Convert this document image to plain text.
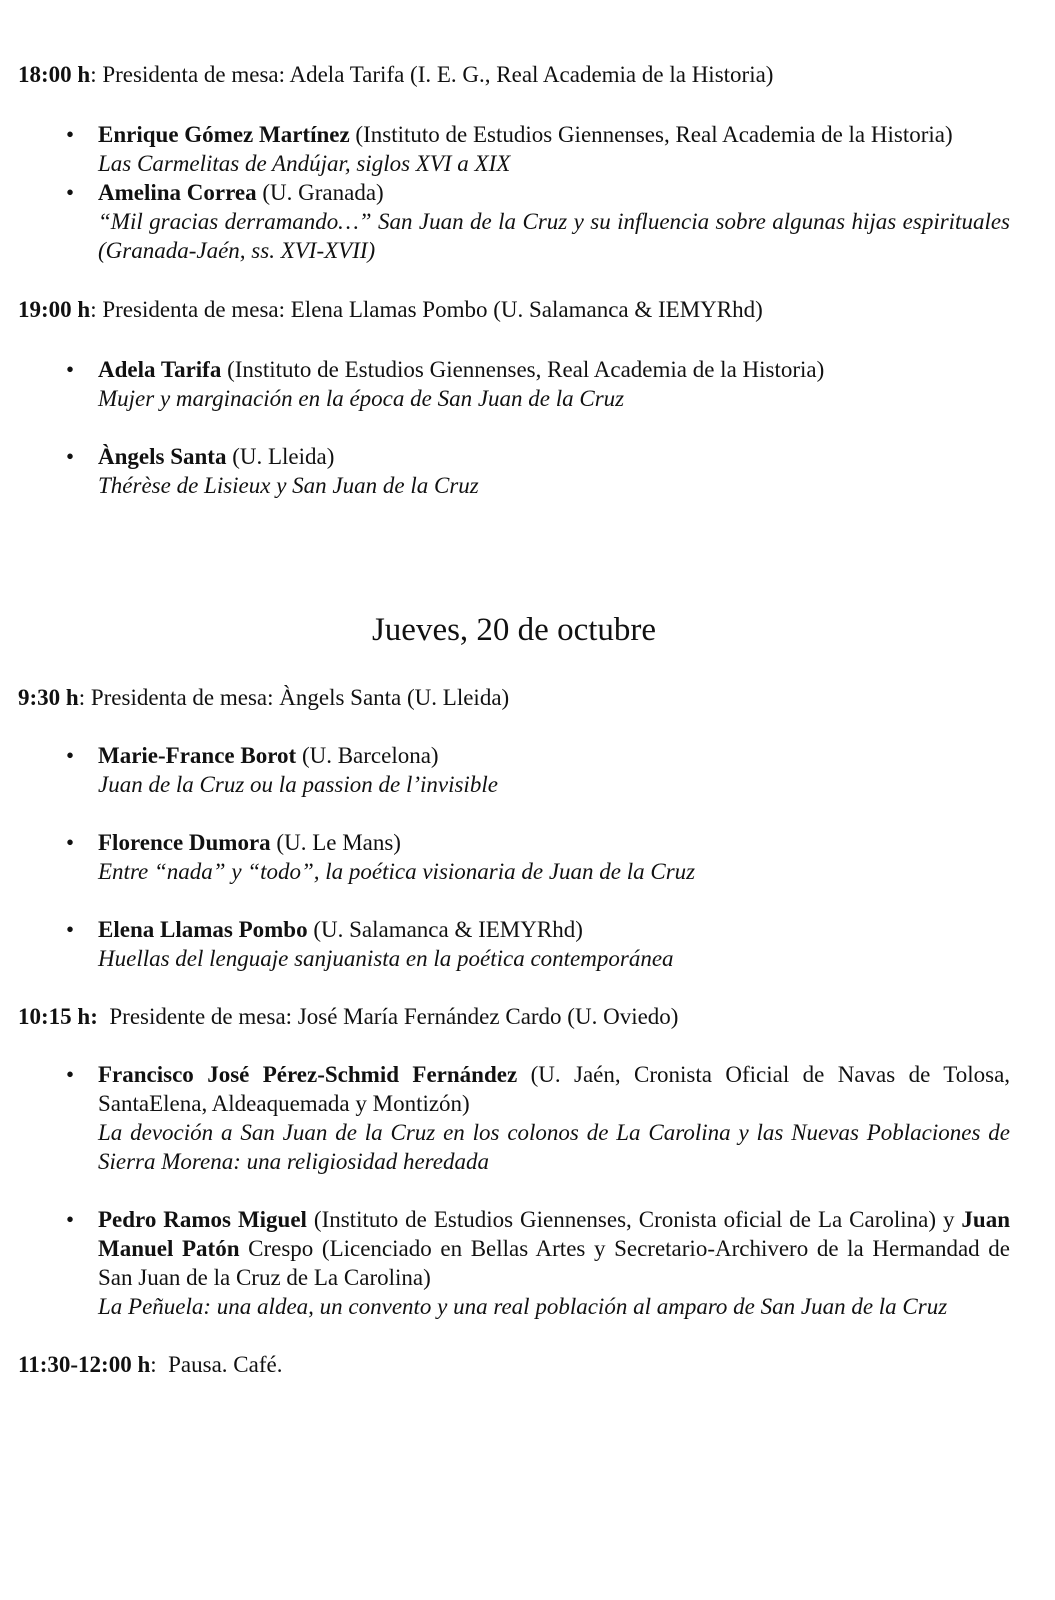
18:00 h: Presidenta de mesa: Adela Tarifa (I. E. G., Real Academia de la Historia)

• Enrique Gómez Martínez (Instituto de Estudios Giennenses, Real Academia de la Historia)
Las Carmelitas de Andújar, siglos XVI a XIX
• Amelina Correa (U. Granada)
“Mil gracias derramando…” San Juan de la Cruz y su influencia sobre algunas hijas espirituales (Granada-Jaén, ss. XVI-XVII)

19:00 h: Presidenta de mesa: Elena Llamas Pombo (U. Salamanca & IEMYRhd)

• Adela Tarifa (Instituto de Estudios Giennenses, Real Academia de la Historia)
Mujer y marginación en la época de San Juan de la Cruz
• Àngels Santa (U. Lleida)
Thérèse de Lisieux y San Juan de la Cruz
Jueves, 20 de octubre

9:30 h: Presidenta de mesa: Àngels Santa (U. Lleida)

• Marie-France Borot (U. Barcelona)
Juan de la Cruz ou la passion de l’invisible
• Florence Dumora (U. Le Mans)
Entre “nada” y “todo”, la poética visionaria de Juan de la Cruz
• Elena Llamas Pombo (U. Salamanca & IEMYRhd)
Huellas del lenguaje sanjuanista en la poética contemporánea

10:15 h: Presidente de mesa: José María Fernández Cardo (U. Oviedo)

• Francisco José Pérez-Schmid Fernández (U. Jaén, Cronista Oficial de Navas de Tolosa, SantaElena, Aldeaquemada y Montizón)
La devoción a San Juan de la Cruz en los colonos de La Carolina y las Nuevas Poblaciones de Sierra Morena: una religiosidad heredada
• Pedro Ramos Miguel (Instituto de Estudios Giennenses, Cronista oficial de La Carolina) y Juan Manuel Patón Crespo (Licenciado en Bellas Artes y Secretario-Archivero de la Hermandad de San Juan de la Cruz de La Carolina)
La Peñuela: una aldea, un convento y una real población al amparo de San Juan de la Cruz

11:30-12:00 h:  Pausa. Café.
